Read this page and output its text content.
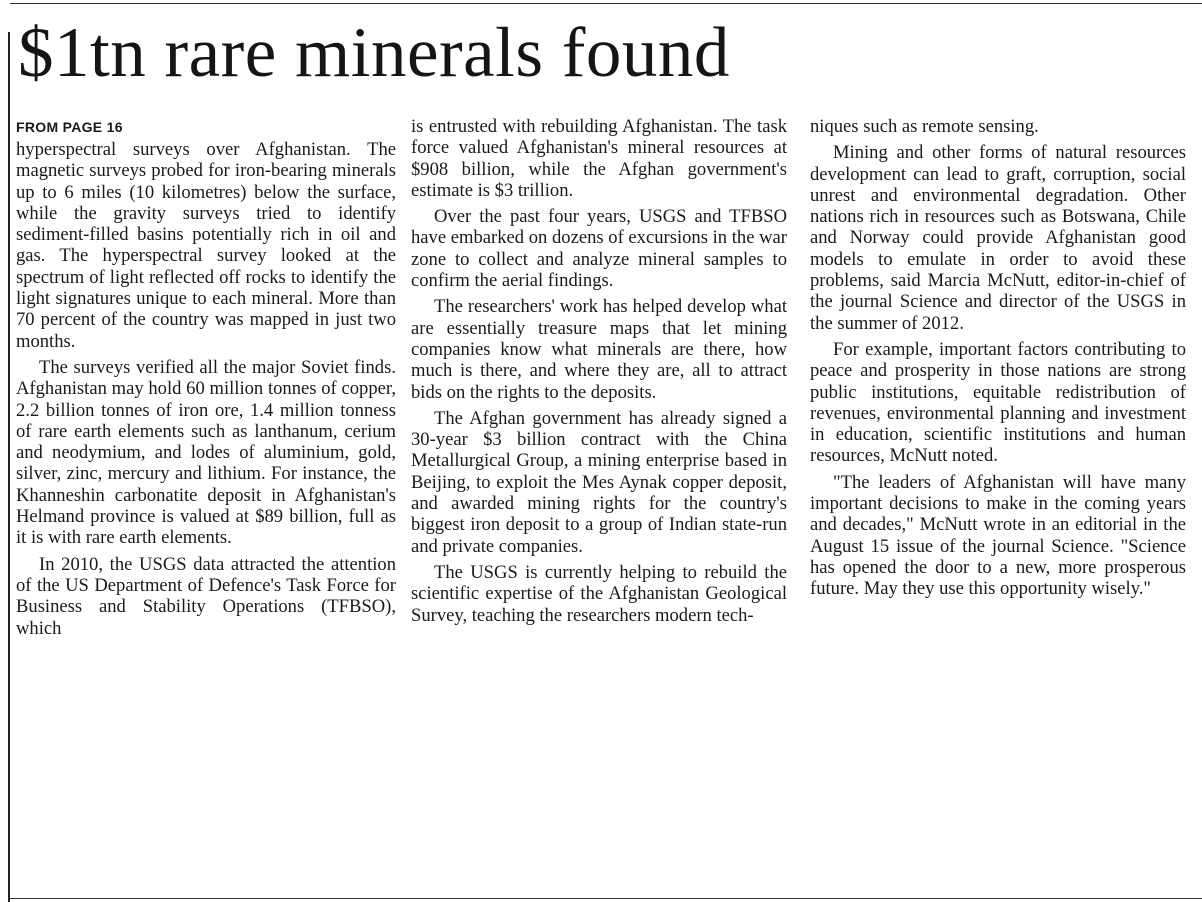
$1tn rare minerals found
FROM PAGE 16

hyperspectral surveys over Afghanistan. The magnetic surveys probed for iron-bearing minerals up to 6 miles (10 kilometres) below the surface, while the gravity surveys tried to identify sediment-filled basins potentially rich in oil and gas. The hyperspectral survey looked at the spectrum of light reflected off rocks to identify the light signatures unique to each mineral. More than 70 percent of the country was mapped in just two months.

The surveys verified all the major Soviet finds. Afghanistan may hold 60 million tonnes of copper, 2.2 billion tonnes of iron ore, 1.4 million tonness of rare earth elements such as lanthanum, cerium and neodymium, and lodes of aluminium, gold, silver, zinc, mercury and lithium. For instance, the Khanneshin carbonatite deposit in Afghanistan's Helmand province is valued at $89 billion, full as it is with rare earth elements.

In 2010, the USGS data attracted the attention of the US Department of Defence's Task Force for Business and Stability Operations (TFBSO), which

is entrusted with rebuilding Afghanistan. The task force valued Afghanistan's mineral resources at $908 billion, while the Afghan government's estimate is $3 trillion.

Over the past four years, USGS and TFBSO have embarked on dozens of excursions in the war zone to collect and analyze mineral samples to confirm the aerial findings.

The researchers' work has helped develop what are essentially treasure maps that let mining companies know what minerals are there, how much is there, and where they are, all to attract bids on the rights to the deposits.

The Afghan government has already signed a 30-year $3 billion contract with the China Metallurgical Group, a mining enterprise based in Beijing, to exploit the Mes Aynak copper deposit, and awarded mining rights for the country's biggest iron deposit to a group of Indian state-run and private companies.

The USGS is currently helping to rebuild the scientific expertise of the Afghanistan Geological Survey, teaching the researchers modern tech-

niques such as remote sensing.

Mining and other forms of natural resources development can lead to graft, corruption, social unrest and environmental degradation. Other nations rich in resources such as Botswana, Chile and Norway could provide Afghanistan good models to emulate in order to avoid these problems, said Marcia McNutt, editor-in-chief of the journal Science and director of the USGS in the summer of 2012.

For example, important factors contributing to peace and prosperity in those nations are strong public institutions, equitable redistribution of revenues, environmental planning and investment in education, scientific institutions and human resources, McNutt noted.

"The leaders of Afghanistan will have many important decisions to make in the coming years and decades," McNutt wrote in an editorial in the August 15 issue of the journal Science. "Science has opened the door to a new, more prosperous future. May they use this opportunity wisely."
